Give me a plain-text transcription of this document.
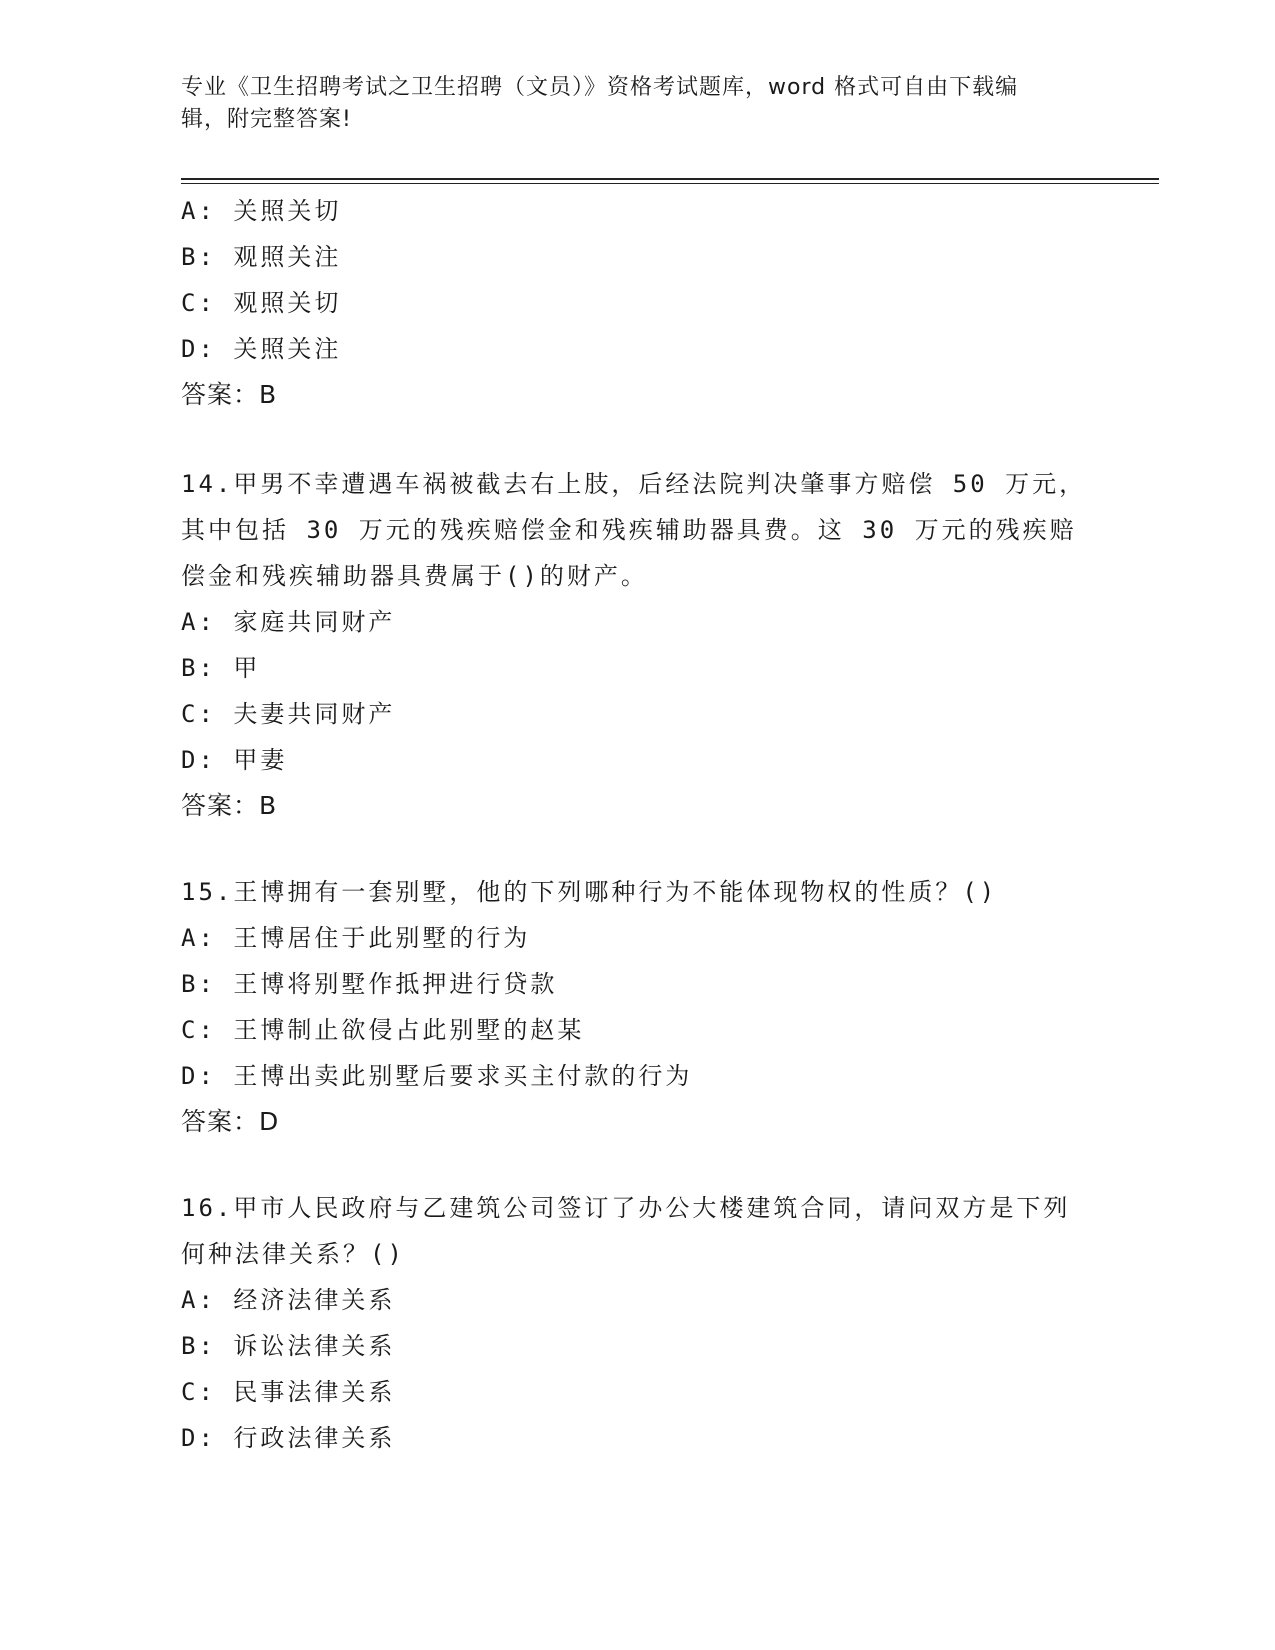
专业《卫生招聘考试之卫生招聘（文员）》资格考试题库，word 格式可自由下载编辑，附完整答案!
A: 关照关切
B: 观照关注
C: 观照关切
D: 关照关注
答案：B
14.甲男不幸遭遇车祸被截去右上肢，后经法院判决肇事方赔偿 50 万元，其中包括 30 万元的残疾赔偿金和残疾辅助器具费。这 30 万元的残疾赔偿金和残疾辅助器具费属于()的财产。
A: 家庭共同财产
B: 甲
C: 夫妻共同财产
D: 甲妻
答案：B
15.王博拥有一套别墅，他的下列哪种行为不能体现物权的性质？()
A: 王博居住于此别墅的行为
B: 王博将别墅作抵押进行贷款
C: 王博制止欲侵占此别墅的赵某
D: 王博出卖此别墅后要求买主付款的行为
答案：D
16.甲市人民政府与乙建筑公司签订了办公大楼建筑合同，请问双方是下列何种法律关系？()
A: 经济法律关系
B: 诉讼法律关系
C: 民事法律关系
D: 行政法律关系
